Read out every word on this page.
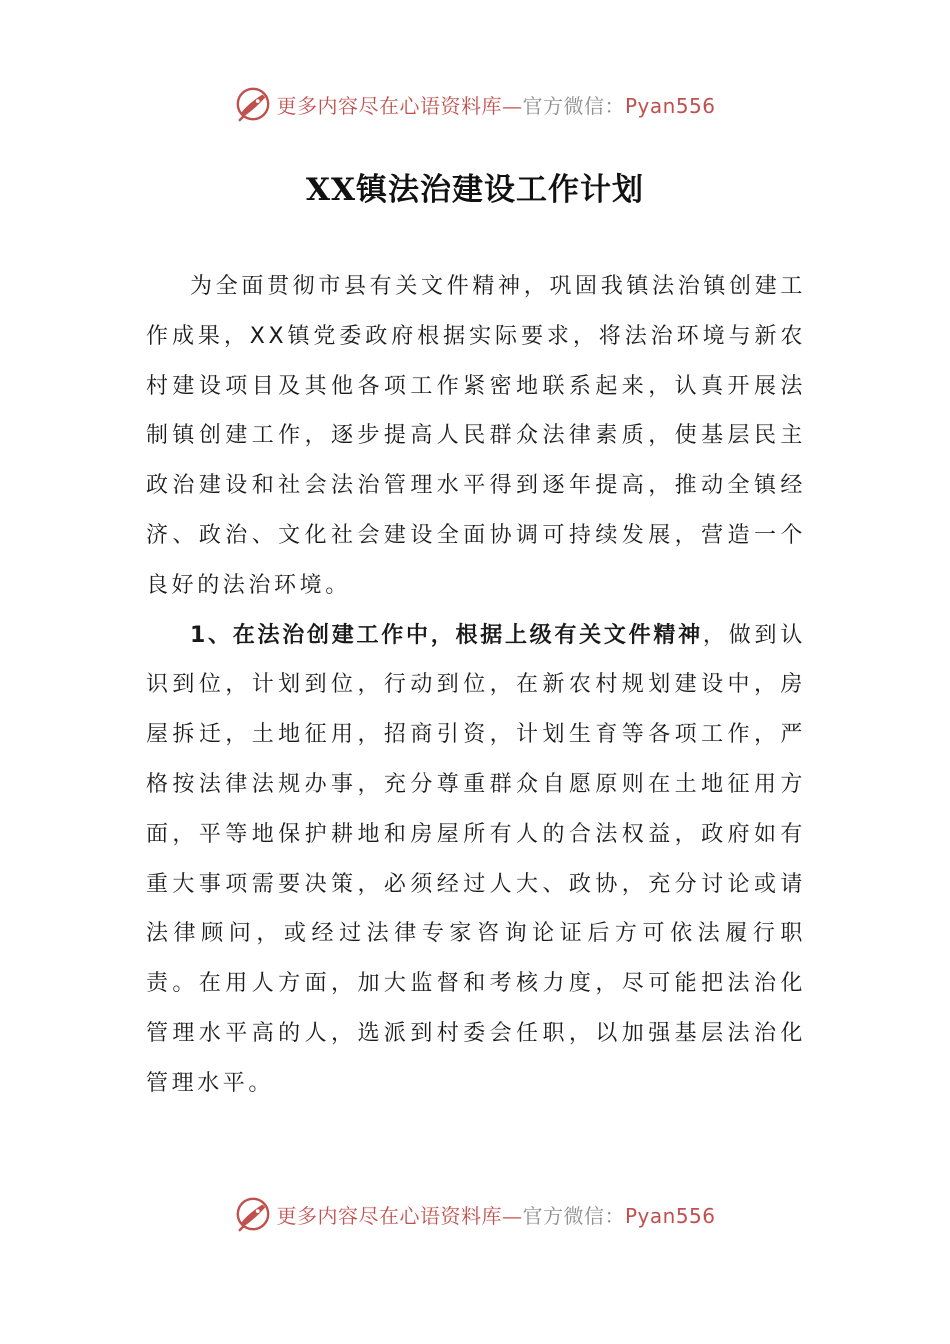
更多内容尽在心语资料库—官方微信：Pyan556
XX镇法治建设工作计划

为全面贯彻市县有关文件精神，巩固我镇法治镇创建工作成果，XX镇党委政府根据实际要求，将法治环境与新农村建设项目及其他各项工作紧密地联系起来，认真开展法制镇创建工作，逐步提高人民群众法律素质，使基层民主政治建设和社会法治管理水平得到逐年提高，推动全镇经济、政治、文化社会建设全面协调可持续发展，营造一个良好的法治环境。

1、在法治创建工作中，根据上级有关文件精神，做到认识到位，计划到位，行动到位，在新农村规划建设中，房屋拆迁，土地征用，招商引资，计划生育等各项工作，严格按法律法规办事，充分尊重群众自愿原则在土地征用方面，平等地保护耕地和房屋所有人的合法权益，政府如有重大事项需要决策，必须经过人大、政协，充分讨论或请法律顾问，或经过法律专家咨询论证后方可依法履行职责。在用人方面，加大监督和考核力度，尽可能把法治化管理水平高的人，选派到村委会任职，以加强基层法治化管理水平。

更多内容尽在心语资料库—官方微信：Pyan556
